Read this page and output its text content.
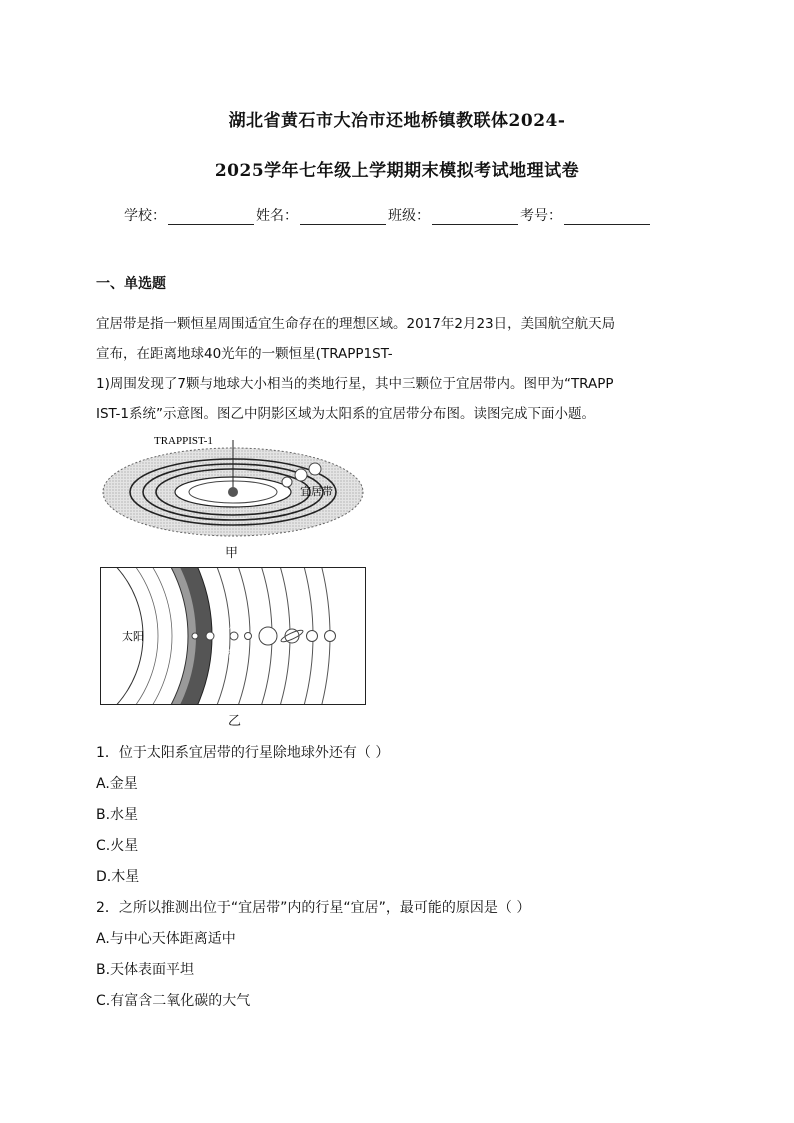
湖北省黄石市大冶市还地桥镇教联体2024-
2025学年七年级上学期期末模拟考试地理试卷
学校：	姓名：	班级：	考号：
一、单选题
宜居带是指一颗恒星周围适宜生命存在的理想区域。2017年2月23日，美国航空航天局
宣布，在距离地球40光年的一颗恒星(TRAPP1ST-
1)周围发现了7颗与地球大小相当的类地行星，其中三颗位于宜居带内。图甲为“TRAPP
IST-1系统”示意图。图乙中阴影区域为太阳系的宜居带分布图。读图完成下面小题。
TRAPPIST-1
宜居带
甲
太阳
宜
居
带
乙
1．位于太阳系宜居带的行星除地球外还有（ ）
A.金星
B.水星
C.火星
D.木星
2．之所以推测出位于“宜居带”内的行星“宜居”，最可能的原因是（ ）
A.与中心天体距离适中
B.天体表面平坦
C.有富含二氧化碳的大气
